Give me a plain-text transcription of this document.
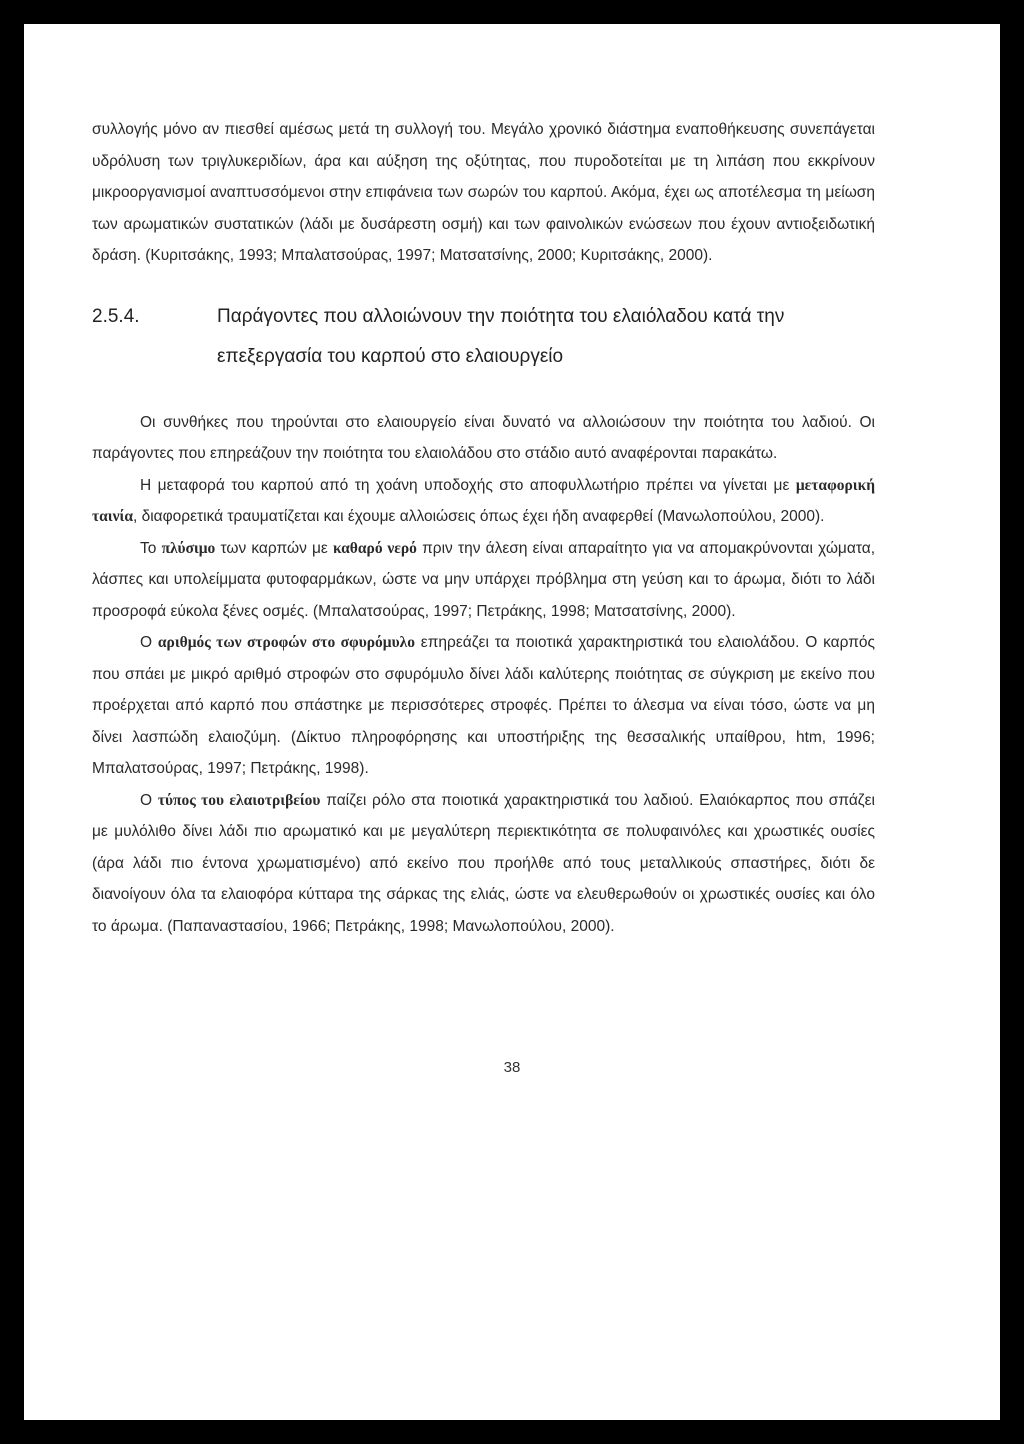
συλλογής μόνο αν πιεσθεί αμέσως μετά τη συλλογή του. Μεγάλο χρονικό διάστημα εναποθήκευσης συνεπάγεται υδρόλυση των τριγλυκεριδίων, άρα και αύξηση της οξύτητας, που πυροδοτείται με τη λιπάση που εκκρίνουν μικροοργανισμοί αναπτυσσόμενοι στην επιφάνεια των σωρών του καρπού. Ακόμα, έχει ως αποτέλεσμα τη μείωση των αρωματικών συστατικών (λάδι με δυσάρεστη οσμή) και των φαινολικών ενώσεων που έχουν αντιοξειδωτική δράση. (Κυριτσάκης, 1993; Μπαλατσούρας, 1997; Ματσατσίνης, 2000; Κυριτσάκης, 2000).

2.5.4.	Παράγοντες που αλλοιώνουν την ποιότητα του ελαιόλαδου κατά την επεξεργασία του καρπού στο ελαιουργείο

Οι συνθήκες που τηρούνται στο ελαιουργείο είναι δυνατό να αλλοιώσουν την ποιότητα του λαδιού. Οι παράγοντες που επηρεάζουν την ποιότητα του ελαιολάδου στο στάδιο αυτό αναφέρονται παρακάτω.

Η μεταφορά του καρπού από τη χοάνη υποδοχής στο αποφυλλωτήριο πρέπει να γίνεται με μεταφορική ταινία, διαφορετικά τραυματίζεται και έχουμε αλλοιώσεις όπως έχει ήδη αναφερθεί (Μανωλοπούλου, 2000).

Το πλύσιμο των καρπών με καθαρό νερό πριν την άλεση είναι απαραίτητο για να απομακρύνονται χώματα, λάσπες και υπολείμματα φυτοφαρμάκων, ώστε να μην υπάρχει πρόβλημα στη γεύση και το άρωμα, διότι το λάδι προσροφά εύκολα ξένες οσμές. (Μπαλατσούρας, 1997; Πετράκης, 1998; Ματσατσίνης, 2000).

Ο αριθμός των στροφών στο σφυρόμυλο επηρεάζει τα ποιοτικά χαρακτηριστικά του ελαιολάδου. Ο καρπός που σπάει με μικρό αριθμό στροφών στο σφυρόμυλο δίνει λάδι καλύτερης ποιότητας σε σύγκριση με εκείνο που προέρχεται από καρπό που σπάστηκε με περισσότερες στροφές. Πρέπει το άλεσμα να είναι τόσο, ώστε να μη δίνει λασπώδη ελαιοζύμη. (Δίκτυο πληροφόρησης και υποστήριξης της θεσσαλικής υπαίθρου, htm, 1996; Μπαλατσούρας, 1997; Πετράκης, 1998).

Ο τύπος του ελαιοτριβείου παίζει ρόλο στα ποιοτικά χαρακτηριστικά του λαδιού. Ελαιόκαρπος που σπάζει με μυλόλιθο δίνει λάδι πιο αρωματικό και με μεγαλύτερη περιεκτικότητα σε πολυφαινόλες και χρωστικές ουσίες (άρα λάδι πιο έντονα χρωματισμένο) από εκείνο που προήλθε από τους μεταλλικούς σπαστήρες, διότι δε διανοίγουν όλα τα ελαιοφόρα κύτταρα της σάρκας της ελιάς, ώστε να ελευθερωθούν οι χρωστικές ουσίες και όλο το άρωμα. (Παπαναστασίου, 1966; Πετράκης, 1998; Μανωλοπούλου, 2000).

38
